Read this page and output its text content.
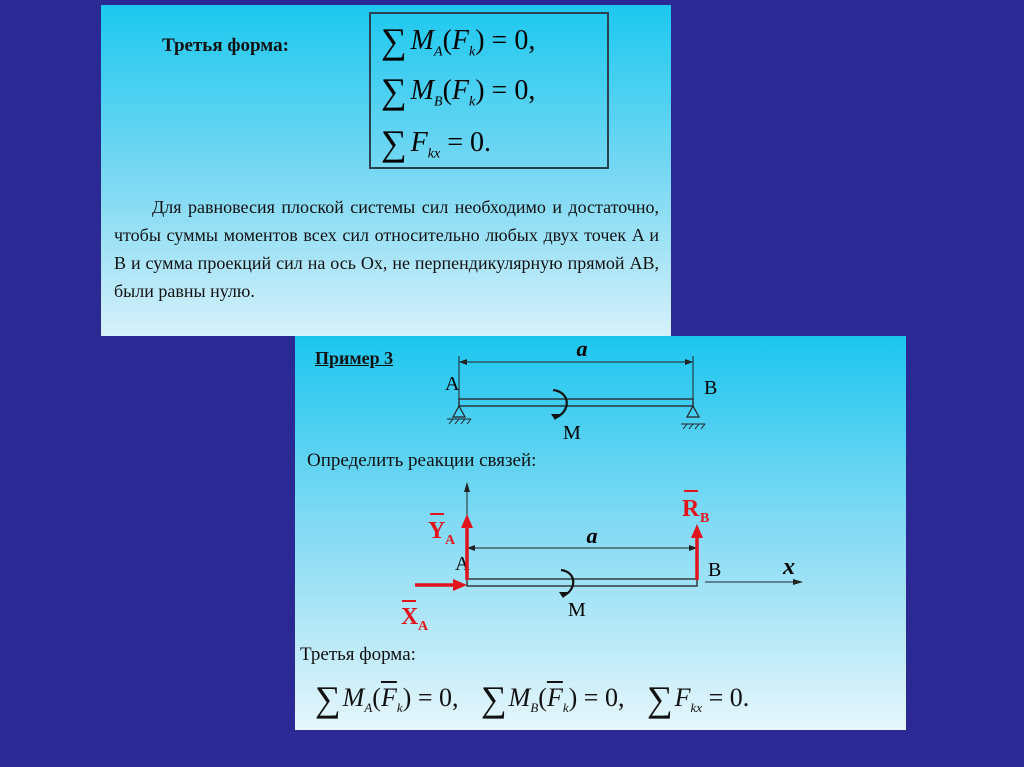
Третья форма:	∑ $M_A(F_k) = 0$,
∑ $M_B(F_k) = 0$,
∑ $F_{kx} = 0$.
Для равновесия плоской системы сил необходимо и достаточно, чтобы суммы моментов всех сил относительно любых двух точек A и B и сумма проекций сил на ось Ox, не перпендикулярную прямой AB, были равны нулю.
Пример 3	a
A	B
M
Определить реакции связей:
a
x
A	B
M
Y A
R B
X A
Третья форма:
$\sum M_A(\overline{F}_k) = 0$, $\sum M_B(\overline{F}_k) = 0$, $\sum F_{kx} = 0$.
